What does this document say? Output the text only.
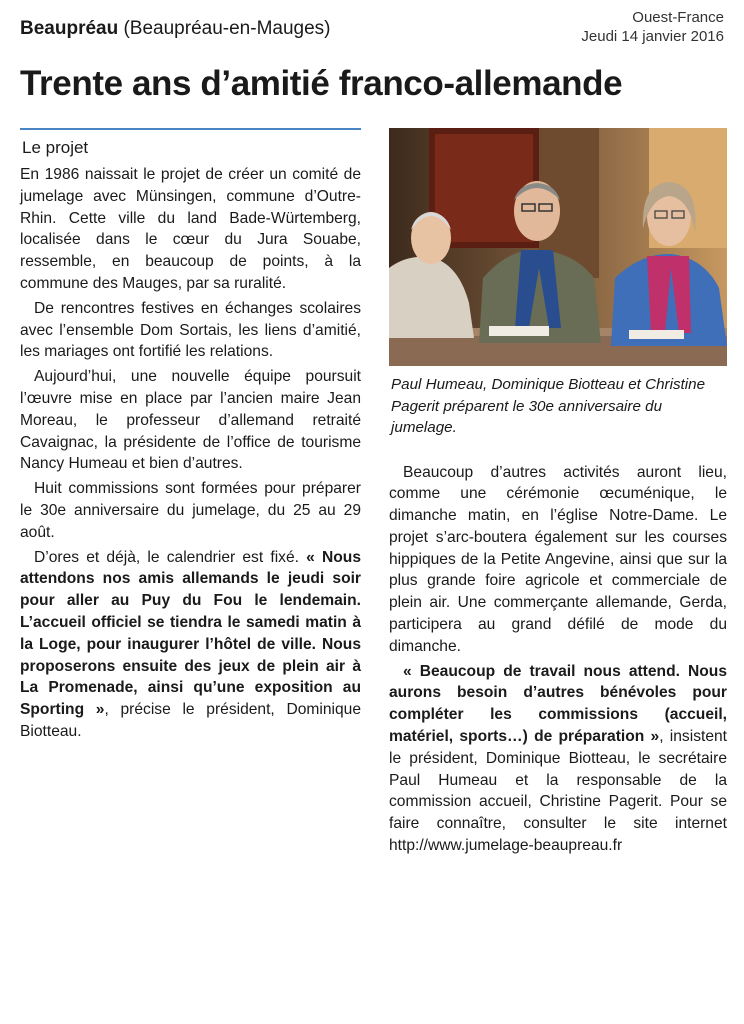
Beaupréau (Beaupréau-en-Mauges)
Ouest-France
Jeudi 14 janvier 2016
Trente ans d’amitié franco-allemande
Le projet

En 1986 naissait le projet de créer un comité de jumelage avec Münsingen, commune d’Outre-Rhin. Cette ville du land Bade-Würtemberg, localisée dans le cœur du Jura Souabe, ressemble, en beaucoup de points, à la commune des Mauges, par sa ruralité.

De rencontres festives en échanges scolaires avec l’ensemble Dom Sortais, les liens d’amitié, les mariages ont fortifié les relations.

Aujourd’hui, une nouvelle équipe poursuit l’œuvre mise en place par l’ancien maire Jean Moreau, le professeur d’allemand retraité Cavaignac, la présidente de l’office de tourisme Nancy Humeau et bien d’autres.

Huit commissions sont formées pour préparer le 30e anniversaire du jumelage, du 25 au 29 août.

D’ores et déjà, le calendrier est fixé. « Nous attendons nos amis allemands le jeudi soir pour aller au Puy du Fou le lendemain. L’accueil officiel se tiendra le samedi matin à la Loge, pour inaugurer l’hôtel de ville. Nous proposerons ensuite des jeux de plein air à La Promenade, ainsi qu’une exposition au Sporting », précise le président, Dominique Biotteau.

Paul Humeau, Dominique Biotteau et Christine Pagerit préparent le 30e anniversaire du jumelage.

Beaucoup d’autres activités auront lieu, comme une cérémonie œcuménique, le dimanche matin, en l’église Notre-Dame. Le projet s’arc-boutera également sur les courses hippiques de la Petite Angevine, ainsi que sur la plus grande foire agricole et commerciale de plein air. Une commerçante allemande, Gerda, participera au grand défilé de mode du dimanche.

« Beaucoup de travail nous attend. Nous aurons besoin d’autres bénévoles pour compléter les commissions (accueil, matériel, sports…) de préparation », insistent le président, Dominique Biotteau, le secrétaire Paul Humeau et la responsable de la commission accueil, Christine Pagerit. Pour se faire connaître, consulter le site internet http://www.jumelage-beaupreau.fr
